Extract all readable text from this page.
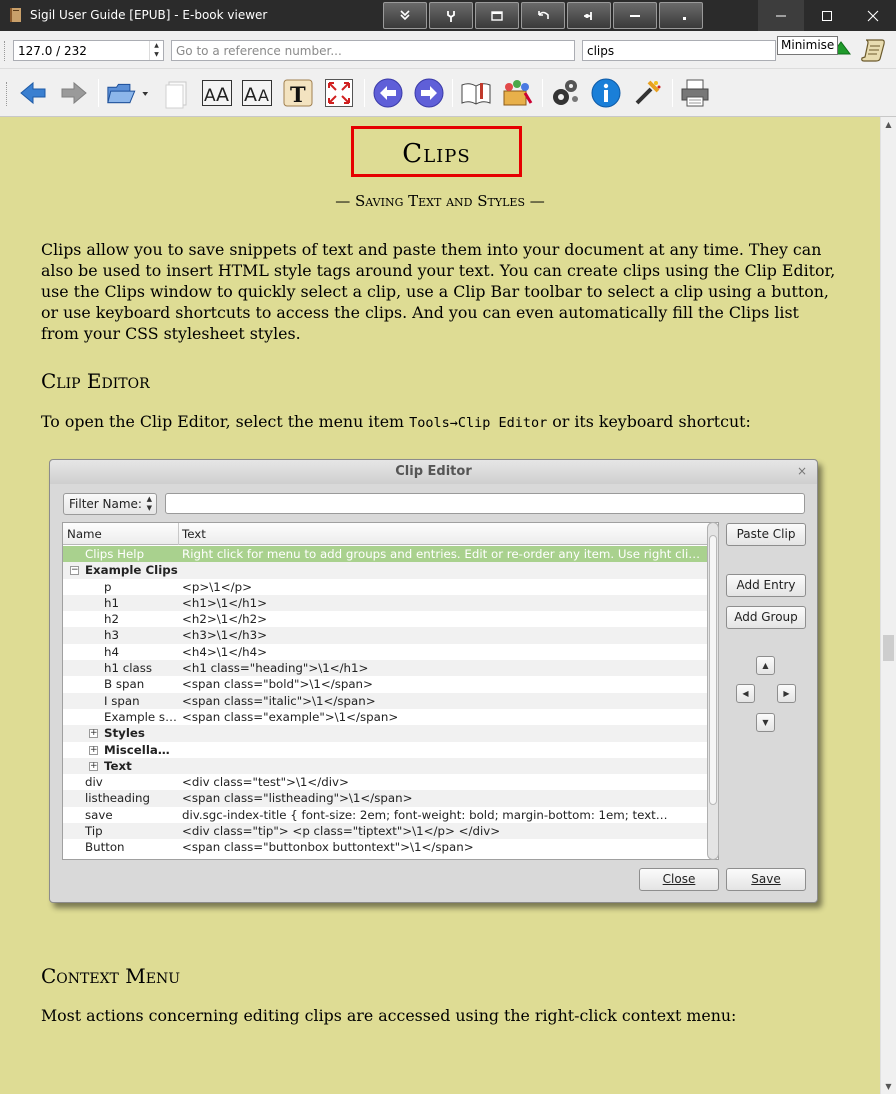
Sigil User Guide [EPUB] - E-book viewer
127.0 / 232
▲
▼
Go to a reference number...
clips
Minimise
A A A A T
Clips
— Saving Text and Styles —

Clips allow you to save snippets of text and paste them into your document at any time. They can also be used to insert HTML style tags around your text. You can create clips using the Clip Editor, use the Clips window to quickly select a clip, use a Clip Bar toolbar to select a clip using a button, or use keyboard shortcuts to access the clips. And you can even automatically fill the Clips list from your CSS stylesheet styles.

Clip Editor

To open the Clip Editor, select the menu item Tools→Clip Editor or its keyboard shortcut:

Clip Editor	×
Filter Name: ▲
▼
Name	Text
Clips Help	Right click for menu to add groups and entries. Edit or re-order any item. Use right cli…
− Example Clips
p	<p>\1</p>
h1	<h1>\1</h1>
h2	<h2>\1</h2>
h3	<h3>\1</h3>
h4	<h4>\1</h4>
h1 class	<h1 class="heading">\1</h1>
B span	<span class="bold">\1</span>
I span	<span class="italic">\1</span>
Example s… <span class="example">\1</span>
+ Styles
+ Miscella…
+ Text
div	<div class="test">\1</div>
listheading	<span class="listheading">\1</span>
save	div.sgc-index-title { font-size: 2em; font-weight: bold; margin-bottom: 1em; text…
Tip	<div class="tip"> <p class="tiptext">\1</p> </div>
Button	<span class="buttonbox buttontext">\1</span>
Paste Clip
Add Entry
Add Group
▲
◀	▶
▼
Close	Save
Context Menu

Most actions concerning editing clips are accessed using the right-click context menu:

▲
▼
